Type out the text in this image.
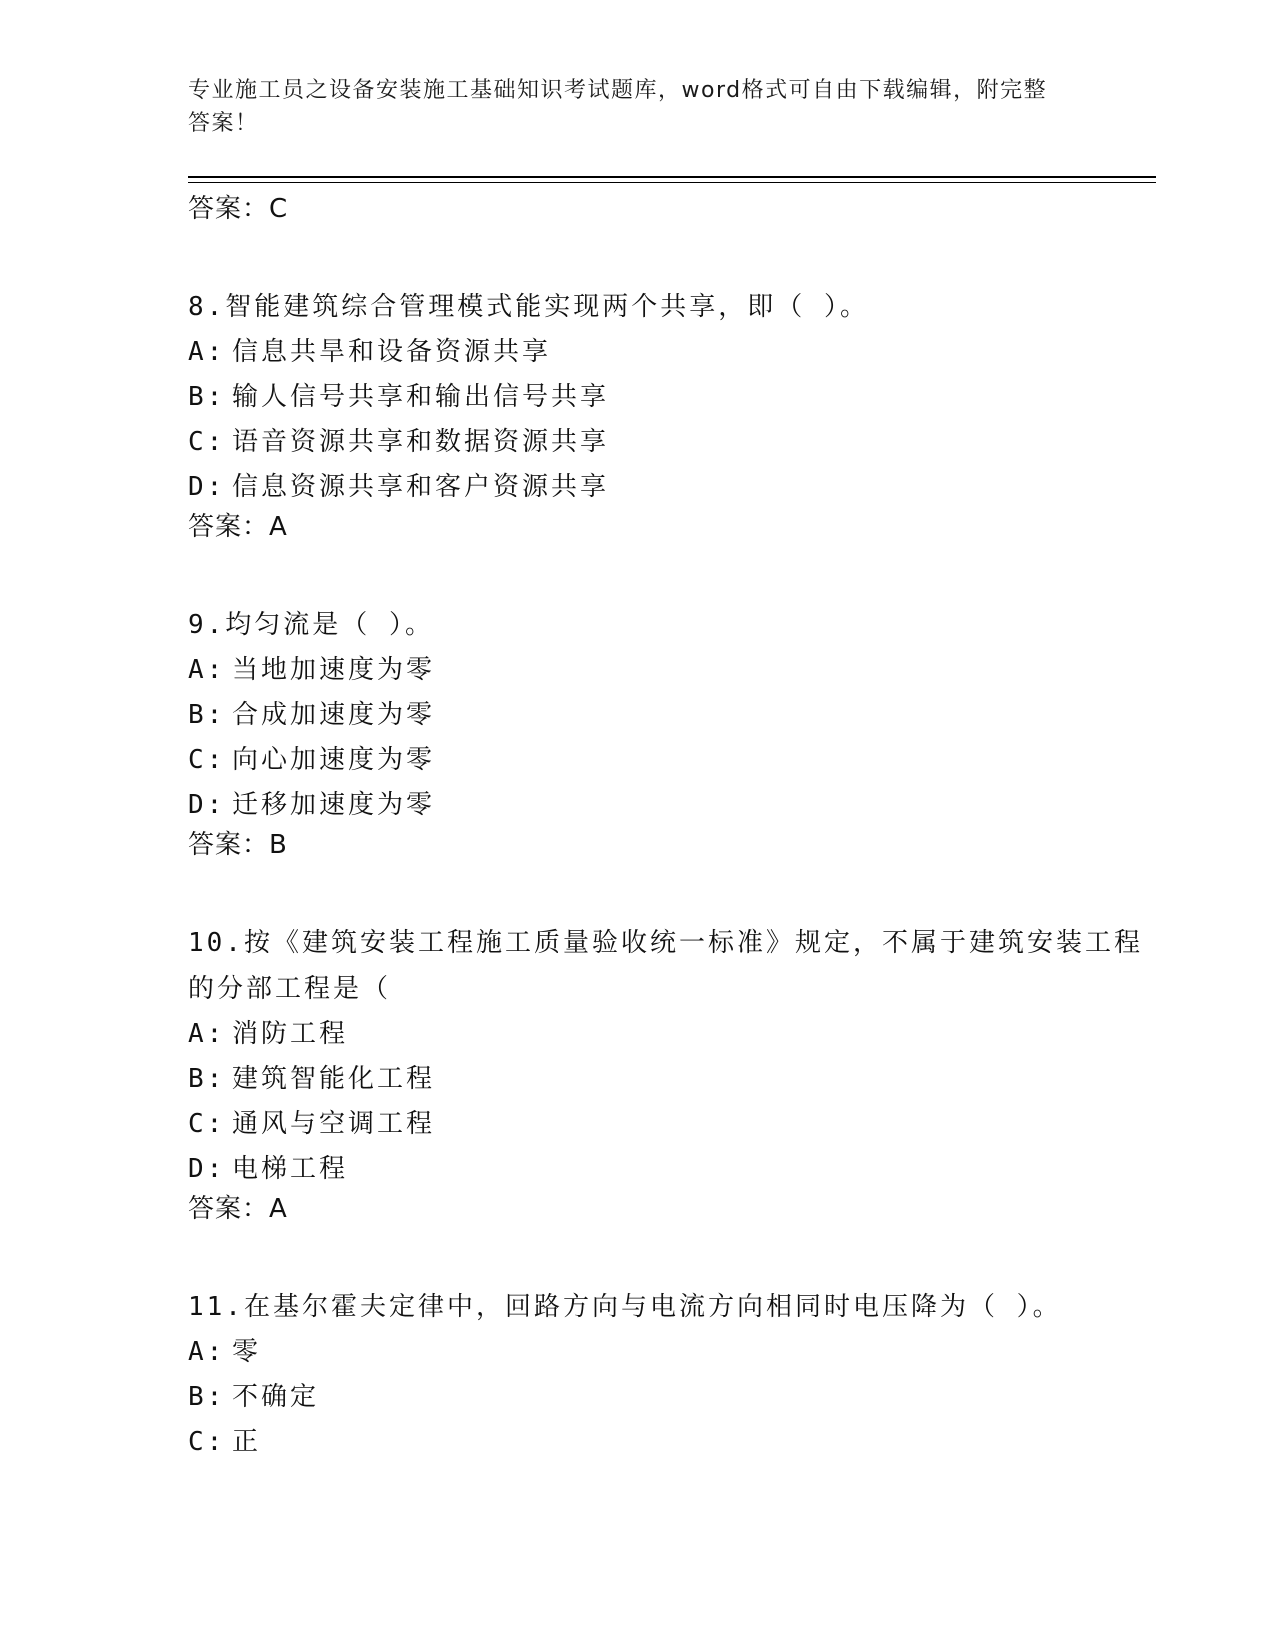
专业施工员之设备安装施工基础知识考试题库，word格式可自由下载编辑，附完整答案！
答案：C
8.智能建筑综合管理模式能实现两个共享，即（ ）。
A: 信息共旱和设备资源共享
B: 输人信号共享和输出信号共享
C: 语音资源共享和数据资源共享
D: 信息资源共享和客户资源共享
答案：A
9.均匀流是（ ）。
A: 当地加速度为零
B: 合成加速度为零
C: 向心加速度为零
D: 迁移加速度为零
答案：B
10.按《建筑安装工程施工质量验收统一标准》规定，不属于建筑安装工程的分部工程是（
A: 消防工程
B: 建筑智能化工程
C: 通风与空调工程
D: 电梯工程
答案：A
11.在基尔霍夫定律中，回路方向与电流方向相同时电压降为（ ）。
A: 零
B: 不确定
C: 正
